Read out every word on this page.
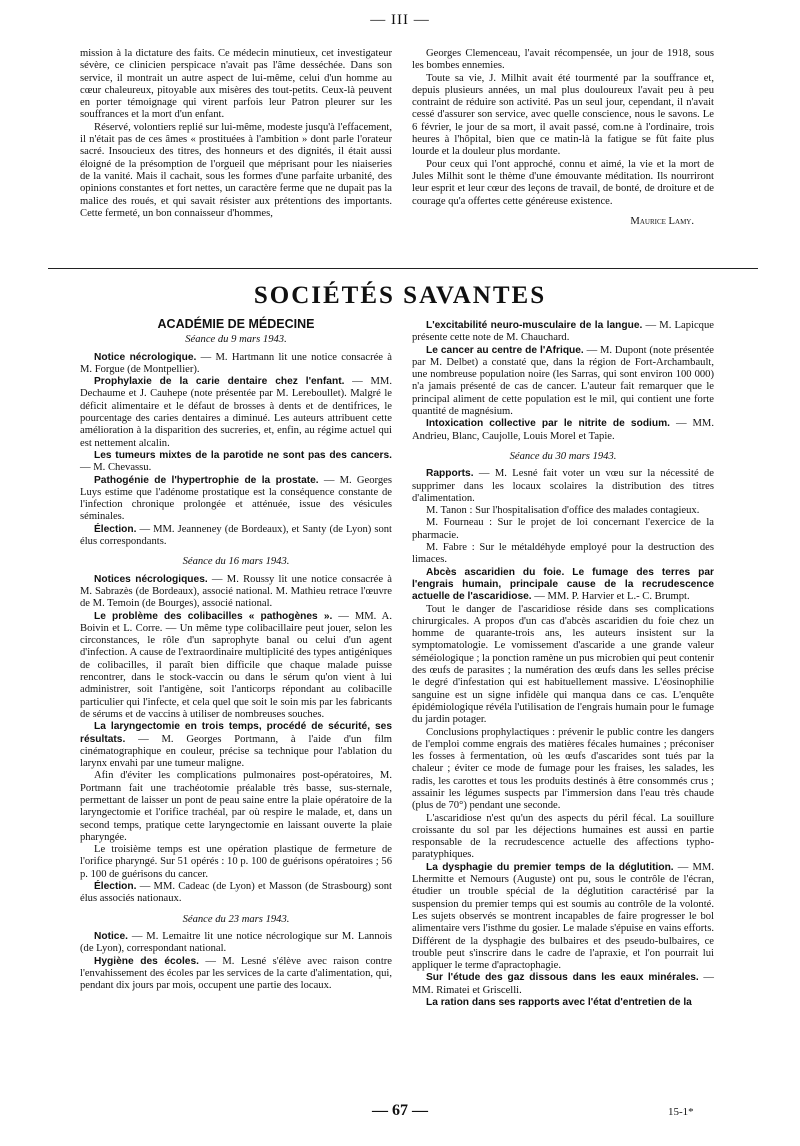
— III —

mission à la dictature des faits. Ce médecin minutieux, cet investigateur sévère, ce clinicien perspicace n'avait pas l'âme desséchée. Dans son service, il montrait un autre aspect de lui-même, celui d'un homme au cœur chaleureux, pitoyable aux misères des tout-petits. Ceux-là peuvent en porter témoignage qui virent parfois leur Patron pleurer sur les souffrances et la mort d'un enfant.

Réservé, volontiers replié sur lui-même, modeste jusqu'à l'effacement, il n'était pas de ces âmes « prostituées à l'ambition » dont parle l'orateur sacré. Insoucieux des titres, des honneurs et des dignités, il était aussi éloigné de la présomption de l'orgueil que méprisant pour les niaiseries de la vanité. Mais il cachait, sous les formes d'une parfaite urbanité, des opinions constantes et fort nettes, un caractère ferme que ne dupait pas la malice des roués, et qui savait résister aux prétentions des importants. Cette fermeté, un bon connaisseur d'hommes,

Georges Clemenceau, l'avait récompensée, un jour de 1918, sous les bombes ennemies.

Toute sa vie, J. Milhit avait été tourmenté par la souffrance et, depuis plusieurs années, un mal plus douloureux l'avait peu à peu contraint de réduire son activité. Pas un seul jour, cependant, il n'avait cessé d'assurer son service, avec quelle conscience, nous le savons. Le 6 février, le jour de sa mort, il avait passé, com.ne à l'ordinaire, trois heures à l'hôpital, bien que ce matin-là la fatigue se fût faite plus lourde et la douleur plus mordante.

Pour ceux qui l'ont approché, connu et aimé, la vie et la mort de Jules Milhit sont le thème d'une émouvante méditation. Ils nourriront leur esprit et leur cœur des leçons de travail, de bonté, de droiture et de courage qu'a offertes cette généreuse existence.

Maurice Lamy.
SOCIÉTÉS SAVANTES
ACADÉMIE DE MÉDECINE
Séance du 9 mars 1943.

Notice nécrologique. — M. Hartmann lit une notice consacrée à M. Forgue (de Montpellier).

Prophylaxie de la carie dentaire chez l'enfant. — MM. Dechaume et J. Cauhepe (note présentée par M. Lereboullet). Malgré le déficit alimentaire et le défaut de brosses à dents et de dentifrices, le pourcentage des caries dentaires a diminué. Les auteurs attribuent cette amélioration à la disparition des sucreries, et, enfin, au régime actuel qui est nettement alcalin.

Les tumeurs mixtes de la parotide ne sont pas des cancers. — M. Chevassu.

Pathogénie de l'hypertrophie de la prostate. — M. Georges Luys estime que l'adénome prostatique est la conséquence constante de l'infection chronique prolongée et atténuée, issue des vésicules séminales.

Élection. — MM. Jeanneney (de Bordeaux), et Santy (de Lyon) sont élus correspondants.

Séance du 16 mars 1943.

Notices nécrologiques. — M. Roussy lit une notice consacrée à M. Sabrazès (de Bordeaux), associé national. M. Mathieu retrace l'œuvre de M. Temoin (de Bourges), associé national.

Le problème des colibacilles « pathogènes ». — MM. A. Boivin et L. Corre. — Un même type colibacillaire peut jouer, selon les circonstances, le rôle d'un saprophyte banal ou celui d'un agent d'infection. A cause de l'extraordinaire multiplicité des types antigéniques de colibacilles, il paraît bien difficile que chaque malade puisse rencontrer, dans le stock-vaccin ou dans le sérum qu'on vient à lui administrer, soit l'antigène, soit l'anticorps répondant au colibacille particulier qui l'infecte, et cela quel que soit le soin mis par les fabricants de sérums et de vaccins à utiliser de nombreuses souches.

La laryngectomie en trois temps, procédé de sécurité, ses résultats. — M. Georges Portmann, à l'aide d'un film cinématographique en couleur, précise sa technique pour l'ablation du larynx envahi par une tumeur maligne.

Afin d'éviter les complications pulmonaires post-opératoires, M. Portmann fait une trachéotomie préalable très basse, sus-sternale, permettant de laisser un pont de peau saine entre la plaie opératoire de la laryngectomie et l'orifice trachéal, par où respire le malade, et, dans un second temps, pratique cette laryngectomie en laissant ouverte la plaie pharyngée.

Le troisième temps est une opération plastique de fermeture de l'orifice pharyngé. Sur 51 opérés : 10 p. 100 de guérisons opératoires ; 56 p. 100 de guérisons du cancer.

Élection. — MM. Cadeac (de Lyon) et Masson (de Strasbourg) sont élus associés nationaux.

Séance du 23 mars 1943.

Notice. — M. Lemaitre lit une notice nécrologique sur M. Lannois (de Lyon), correspondant national.

Hygiène des écoles. — M. Lesné s'élève avec raison contre l'envahissement des écoles par les services de la carte d'alimentation, qui, pendant dix jours par mois, occupent une partie des locaux.

L'excitabilité neuro-musculaire de la langue. — M. Lapicque présente cette note de M. Chauchard.

Le cancer au centre de l'Afrique. — M. Dupont (note présentée par M. Delbet) a constaté que, dans la région de Fort-Archambault, une nombreuse population noire (les Sarras, qui sont environ 100 000) n'a jamais présenté de cas de cancer. L'auteur fait remarquer que le principal aliment de cette population est le mil, qui contient une forte quantité de magnésium.

Intoxication collective par le nitrite de sodium. — MM. Andrieu, Blanc, Caujolle, Louis Morel et Tapie.

Séance du 30 mars 1943.

Rapports. — M. Lesné fait voter un vœu sur la nécessité de supprimer dans les locaux scolaires la distribution des titres d'alimentation.

M. Tanon : Sur l'hospitalisation d'office des malades contagieux.

M. Fourneau : Sur le projet de loi concernant l'exercice de la pharmacie.

M. Fabre : Sur le métaldéhyde employé pour la destruction des limaces.

Abcès ascaridien du foie. Le fumage des terres par l'engrais humain, principale cause de la recrudescence actuelle de l'ascaridiose. — MM. P. Harvier et L.- C. Brumpt.

Tout le danger de l'ascaridiose réside dans ses complications chirurgicales. A propos d'un cas d'abcès ascaridien du foie chez un homme de quarante-trois ans, les auteurs insistent sur la symptomatologie. Le vomissement d'ascaride a une grande valeur séméiologique ; la ponction ramène un pus microbien qui peut contenir des œufs de parasites ; la numération des œufs dans les selles précise le degré d'infestation qui est habituellement massive. L'éosinophilie sanguine est un signe infidèle qui manqua dans ce cas. L'enquête épidémiologique révéla l'utilisation de l'engrais humain pour le fumage du jardin potager.

Conclusions prophylactiques : prévenir le public contre les dangers de l'emploi comme engrais des matières fécales humaines ; préconiser les fosses à fermentation, où les œufs d'ascarides sont tués par la chaleur ; éviter ce mode de fumage pour les fraises, les salades, les radis, les carottes et tous les produits destinés à être consommés crus ; assainir les légumes suspects par l'immersion dans l'eau très chaude (plus de 70°) pendant une seconde.

L'ascaridiose n'est qu'un des aspects du péril fécal. La souillure croissante du sol par les déjections humaines est aussi en partie responsable de la recrudescence actuelle des affections typho-paratyphiques.

La dysphagie du premier temps de la déglutition. — MM. Lhermitte et Nemours (Auguste) ont pu, sous le contrôle de l'écran, étudier un trouble spécial de la déglutition caractérisé par la suspension du premier temps qui est soumis au contrôle de la volonté. Les sujets observés se montrent incapables de faire progresser le bol alimentaire vers l'isthme du gosier. Le malade s'épuise en vains efforts. Différent de la dysphagie des bulbaires et des pseudo-bulbaires, ce trouble peut s'inscrire dans le cadre de l'apraxie, et l'on pourrait lui appliquer le terme d'apractophagie.

Sur l'étude des gaz dissous dans les eaux minérales. — MM. Rimatei et Griscelli.

La ration dans ses rapports avec l'état d'entretien de la

— 67 —	15-1*
